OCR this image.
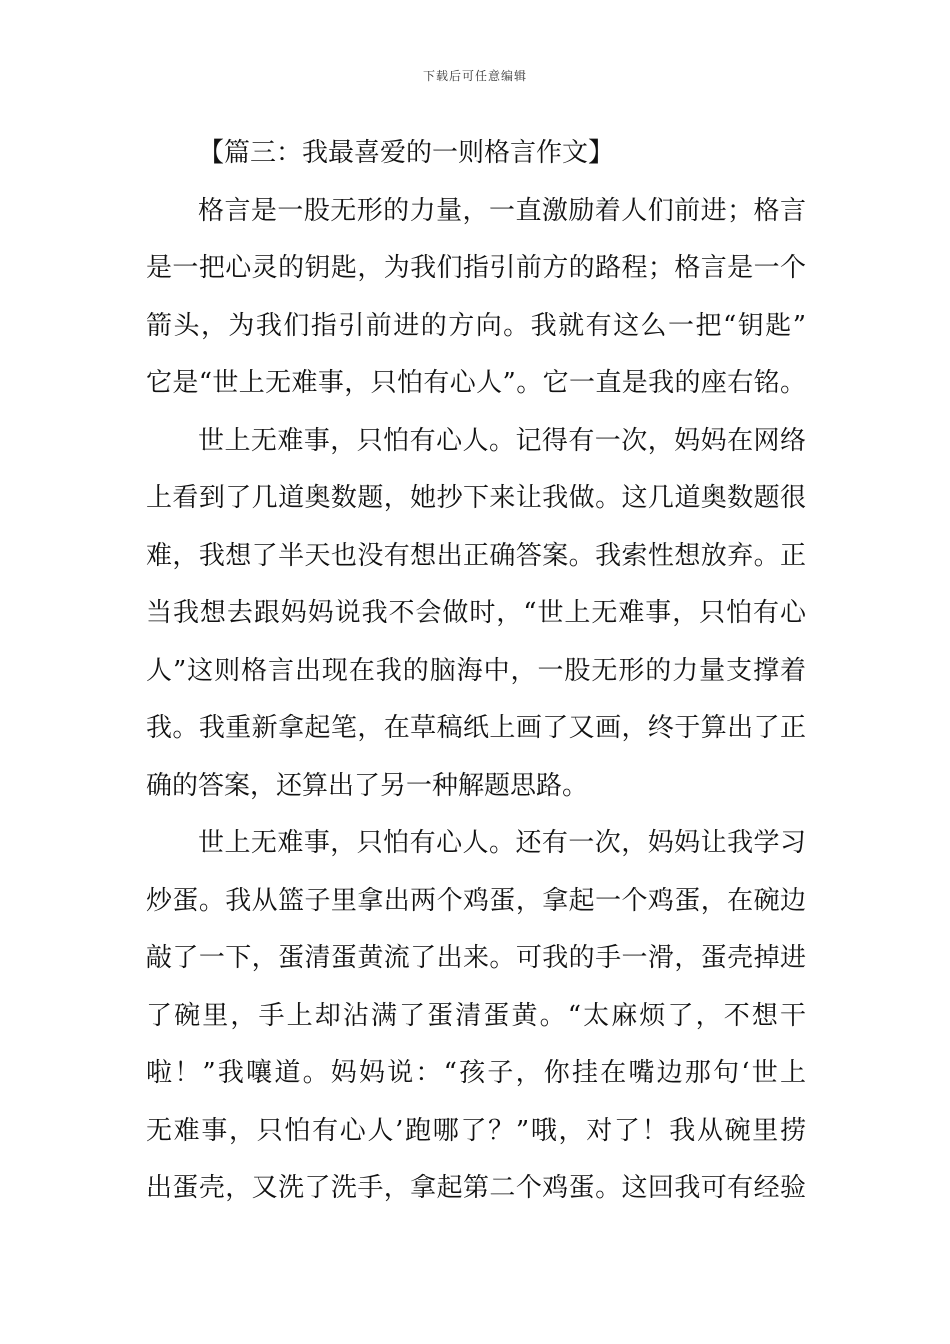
下载后可任意编辑
【篇三：我最喜爱的一则格言作文】
格言是一股无形的力量，一直激励着人们前进；格言
是一把心灵的钥匙，为我们指引前方的路程；格言是一个
箭头，为我们指引前进的方向。我就有这么一把“钥匙”
它是“世上无难事，只怕有心人”。它一直是我的座右铭。
世上无难事，只怕有心人。记得有一次，妈妈在网络
上看到了几道奥数题，她抄下来让我做。这几道奥数题很
难，我想了半天也没有想出正确答案。我索性想放弃。正
当我想去跟妈妈说我不会做时，“世上无难事，只怕有心
人”这则格言出现在我的脑海中，一股无形的力量支撑着
我。我重新拿起笔，在草稿纸上画了又画，终于算出了正
确的答案，还算出了另一种解题思路。
世上无难事，只怕有心人。还有一次，妈妈让我学习
炒蛋。我从篮子里拿出两个鸡蛋，拿起一个鸡蛋，在碗边
敲了一下，蛋清蛋黄流了出来。可我的手一滑，蛋壳掉进
了碗里，手上却沾满了蛋清蛋黄。“太麻烦了，不想干
啦！”我嚷道。妈妈说：“孩子，你挂在嘴边那句‘世上
无难事，只怕有心人’跑哪了？”哦，对了！我从碗里捞
出蛋壳，又洗了洗手，拿起第二个鸡蛋。这回我可有经验
